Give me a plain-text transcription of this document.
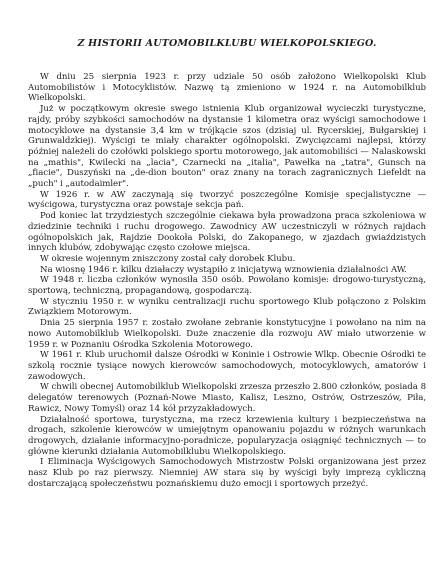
Z HISTORII AUTOMOBILKLUBU WIELKOPOLSKIEGO.

W dniu 25 sierpnia 1923 r. przy udziale 50 osób założono Wielkopolski Klub Automobilistów i Motocyklistów. Nazwę tą zmieniono w 1924 r. na Automobilklub Wielkopolski.

Już w początkowym okresie swego istnienia Klub organizował wycieczki turystyczne, rajdy, próby szybkości samochodów na dystansie 1 kilometra oraz wyścigi samochodowe i motocyklowe na dystansie 3,4 km w trójkącie szos (dzisiaj ul. Rycerskiej, Bułgarskiej i Grunwaldzkiej). Wyścigi te miały charakter ogólnopolski. Zwycięzcami najlepsi, którzy później należeli do czołówki polskiego sportu motorowego, jak automobiliści — Nalaskowski na „mathis", Kwilecki na „lacia", Czarnecki na „italia", Pawełka na „tatra", Gunsch na „fiacie", Duszyński na „de-dion bouton" oraz znany na torach zagranicznych Liefeldt na „puch" i „autodaimler".

W 1926 r. w AW zaczynają się tworzyć poszczególne Komisje specjalistyczne — wyścigowa, turystyczna oraz powstaje sekcja pań.

Pod koniec lat trzydziestych szczególnie ciekawa była prowadzona praca szkoleniowa w dziedzinie techniki i ruchu drogowego. Zawodnicy AW uczestniczyli w różnych rajdach ogólnopolskich jak, Rajdzie Dookoła Polski, do Zakopanego, w zjazdach gwiaździstych innych klubów, zdobywając często czołowe miejsca.

W okresie wojennym zniszczony został cały dorobek Klubu.

Na wiosnę 1946 r. kilku działaczy wystąpiło z inicjatywą wznowienia działalności AW.

W 1948 r. liczba członków wynosiła 350 osób. Powołano komisje: drogowo-turystyczną, sportową, techniczną, propagandową, gospodarczą.

W styczniu 1950 r. w wyniku centralizacji ruchu sportowego Klub połączono z Polskim Związkiem Motorowym.

Dnia 25 sierpnia 1957 r. zostało zwołane zebranie konstytucyjne i powołano na nim na nowo Automobilklub Wielkopolski. Duże znaczenie dla rozwoju AW miało utworzenie w 1959 r. w Poznaniu Ośrodka Szkolenia Motorowego.

W 1961 r. Klub uruchomił dalsze Ośrodki w Koninie i Ostrowie Wlkp. Obecnie Ośrodki te szkolą rocznie tysiące nowych kierowców samochodowych, motocyklowych, amatorów i zawodowych.

W chwili obecnej Automobilklub Wielkopolski zrzesza przeszło 2.800 członków, posiada 8 delegatów terenowych (Poznań-Nowe Miasto, Kalisz, Leszno, Ostrów, Ostrzeszów, Piła, Rawicz, Nowy Tomyśl) oraz 14 kół przyzakładowych.

Działalność sportowa, turystyczna, ma rzecz krzewienia kultury i bezpieczeństwa na drogach, szkolenie kierowców w umiejętnym opanowaniu pojazdu w różnych warunkach drogowych, działanie informacyjno-poradnicze, popularyzacja osiągnięć technicznych — to główne kierunki działania Automobilklubu Wielkopolskiego.

I Eliminacja Wyścigowych Samochodowych Mistrzostw Polski organizowana jest przez nasz Klub po raz pierwszy. Niemniej AW stara się by wyścigi były imprezą cykliczną dostarczającą społeczeństwu poznańskiemu dużo emocji i sportowych przeżyć.
